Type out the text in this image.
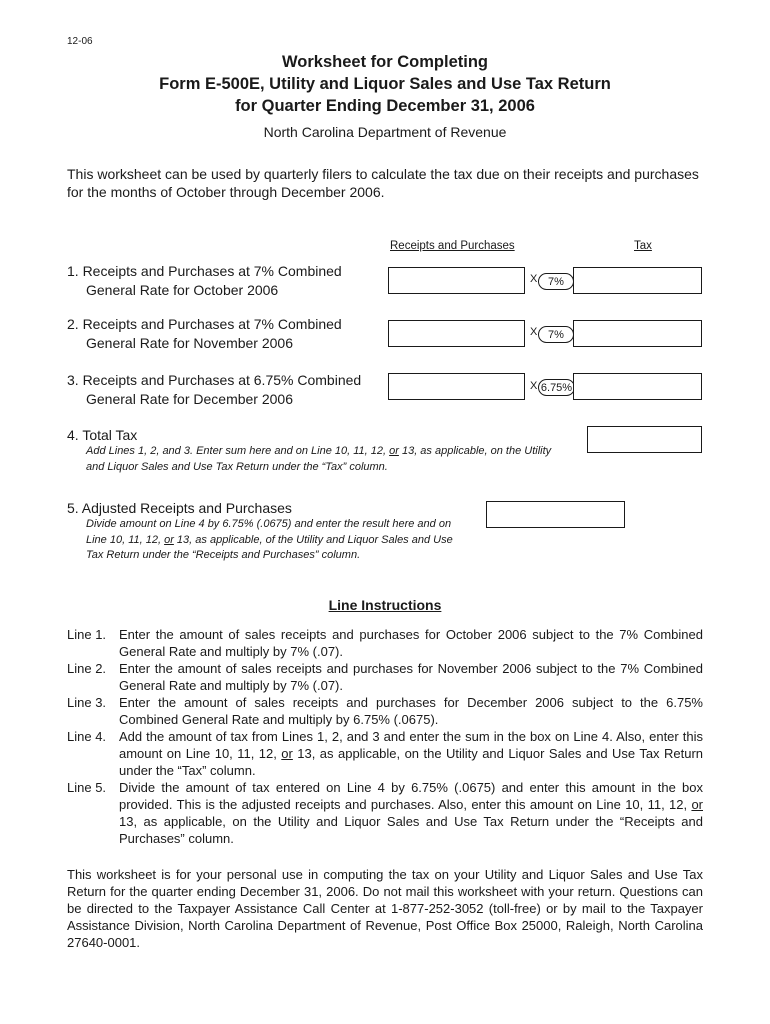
12-06
Worksheet for Completing
Form E-500E, Utility and Liquor Sales and Use Tax Return
for Quarter Ending December 31, 2006
North Carolina Department of Revenue
This worksheet can be used by quarterly filers to calculate the tax due on their receipts and purchases for the months of October through December 2006.
Receipts and Purchases	Tax
1. Receipts and Purchases at 7% Combined General Rate for October 2006
X 7%
2. Receipts and Purchases at 7% Combined General Rate for November 2006
X 7%
3. Receipts and Purchases at 6.75% Combined General Rate for December 2006
X 6.75%
4. Total Tax
Add Lines 1, 2, and 3. Enter sum here and on Line 10, 11, 12, or 13, as applicable, on the Utility and Liquor Sales and Use Tax Return under the “Tax” column.
5. Adjusted Receipts and Purchases
Divide amount on Line 4 by 6.75% (.0675) and enter the result here and on Line 10, 11, 12, or 13, as applicable, of the Utility and Liquor Sales and Use Tax Return under the “Receipts and Purchases” column.
Line Instructions
Line 1. Enter the amount of sales receipts and purchases for October 2006 subject to the 7% Combined General Rate and multiply by 7% (.07).
Line 2. Enter the amount of sales receipts and purchases for November 2006 subject to the 7% Combined General Rate and multiply by 7% (.07).
Line 3. Enter the amount of sales receipts and purchases for December 2006 subject to the 6.75% Combined General Rate and multiply by 6.75% (.0675).
Line 4. Add the amount of tax from Lines 1, 2, and 3 and enter the sum in the box on Line 4. Also, enter this amount on Line 10, 11, 12, or 13, as applicable, on the Utility and Liquor Sales and Use Tax Return under the “Tax” column.
Line 5. Divide the amount of tax entered on Line 4 by 6.75% (.0675) and enter this amount in the box provided. This is the adjusted receipts and purchases. Also, enter this amount on Line 10, 11, 12, or 13, as applicable, on the Utility and Liquor Sales and Use Tax Return under the “Receipts and Purchases” column.
This worksheet is for your personal use in computing the tax on your Utility and Liquor Sales and Use Tax Return for the quarter ending December 31, 2006. Do not mail this worksheet with your return. Questions can be directed to the Taxpayer Assistance Call Center at 1-877-252-3052 (toll-free) or by mail to the Taxpayer Assistance Division, North Carolina Department of Revenue, Post Office Box 25000, Raleigh, North Carolina 27640-0001.
